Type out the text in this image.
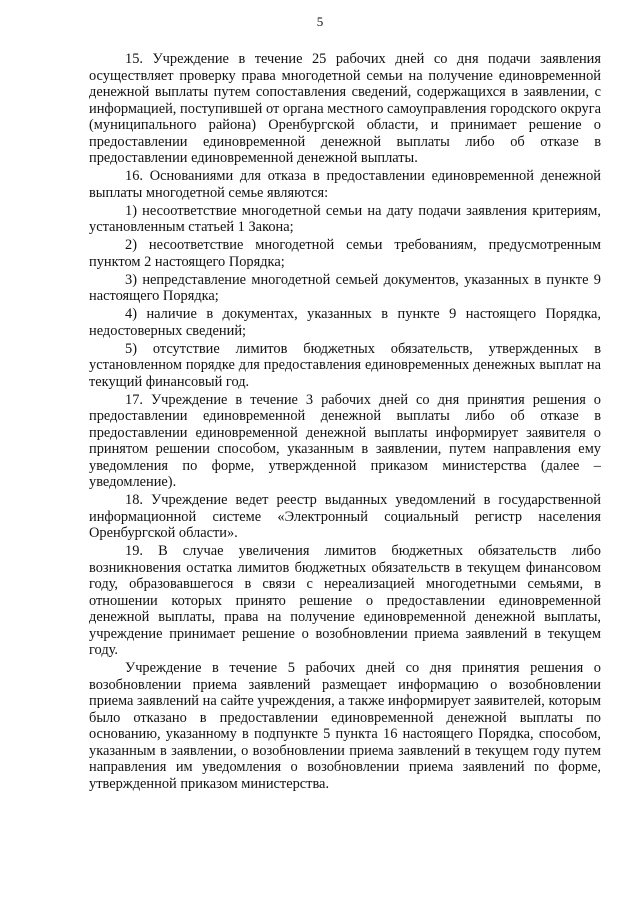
5

15. Учреждение в течение 25 рабочих дней со дня подачи заявления осуществляет проверку права многодетной семьи на получение единовременной денежной выплаты путем сопоставления сведений, содержащихся в заявлении, с информацией, поступившей от органа местного самоуправления городского округа (муниципального района) Оренбургской области, и принимает решение о предоставлении единовременной денежной выплаты либо об отказе в предоставлении единовременной денежной выплаты.

16. Основаниями для отказа в предоставлении единовременной денежной выплаты многодетной семье являются:

1) несоответствие многодетной семьи на дату подачи заявления критериям, установленным статьей 1 Закона;

2) несоответствие многодетной семьи требованиям, предусмотренным пунктом 2 настоящего Порядка;

3) непредставление многодетной семьей документов, указанных в пункте 9 настоящего Порядка;

4) наличие в документах, указанных в пункте 9 настоящего Порядка, недостоверных сведений;

5) отсутствие лимитов бюджетных обязательств, утвержденных в установленном порядке для предоставления единовременных денежных выплат на текущий финансовый год.

17. Учреждение в течение 3 рабочих дней со дня принятия решения о предоставлении единовременной денежной выплаты либо об отказе в предоставлении единовременной денежной выплаты информирует заявителя о принятом решении способом, указанным в заявлении, путем направления ему уведомления по форме, утвержденной приказом министерства (далее – уведомление).

18. Учреждение ведет реестр выданных уведомлений в государственной информационной системе «Электронный социальный регистр населения Оренбургской области».

19. В случае увеличения лимитов бюджетных обязательств либо возникновения остатка лимитов бюджетных обязательств в текущем финансовом году, образовавшегося в связи с нереализацией многодетными семьями, в отношении которых принято решение о предоставлении единовременной денежной выплаты, права на получение единовременной денежной выплаты, учреждение принимает решение о возобновлении приема заявлений в текущем году.

Учреждение в течение 5 рабочих дней со дня принятия решения о возобновлении приема заявлений размещает информацию о возобновлении приема заявлений на сайте учреждения, а также информирует заявителей, которым было отказано в предоставлении единовременной денежной выплаты по основанию, указанному в подпункте 5 пункта 16 настоящего Порядка, способом, указанным в заявлении, о возобновлении приема заявлений в текущем году путем направления им уведомления о возобновлении приема заявлений по форме, утвержденной приказом министерства.
